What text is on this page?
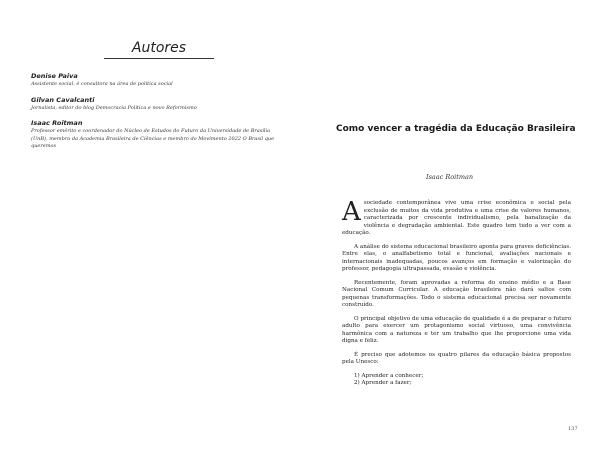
Autores
Denise Paiva
Assistente social, é consultora na área de política social
Gilvan Cavalcanti
Jornalista, editor do blog Democracia Política e novo Reformismo
Isaac Roitman
Professor emérito e coordenador do Núcleo de Estudos do Futuro da Universidade de Brasília (UnB), membro da Academia Brasileira de Ciências e membro do Movimento 2022 O Brasil que queremos
Como vencer a tragédia da Educação Brasileira
Isaac Roitman

Asociedade contemporânea vive uma crise econômica e social pela exclusão de muitos da vida produtiva e uma crise de valores humanos, caracterizada por crescente individualismo, pela banalização da violência e degradação ambiental. Este quadro tem tudo a ver com a educação.

A análise do sistema educacional brasileiro aponta para graves deficiências. Entre elas, o analfabetismo total e funcional, avaliações nacionais e internacionais inadequadas, poucos avanços em formação e valorização do professor, pedagogia ultrapassada, evasão e violência.

Recentemente, foram aprovadas a reforma do ensino médio e a Base Nacional Comum Curricular. A educação brasileira não dará saltos com pequenas transformações. Todo o sistema educacional precisa ser novamente construído.

O principal objetivo de uma educação de qualidade é a de preparar o futuro adulto para exercer um protagonismo social virtuoso, uma convivência harmônica com a natureza e ter um trabalho que lhe proporcione uma vida digna e feliz.

É preciso que adotemos os quatro pilares da educação básica propostos pela Unesco:

1) Aprender a conhecer;
2) Aprender a fazer;
137
